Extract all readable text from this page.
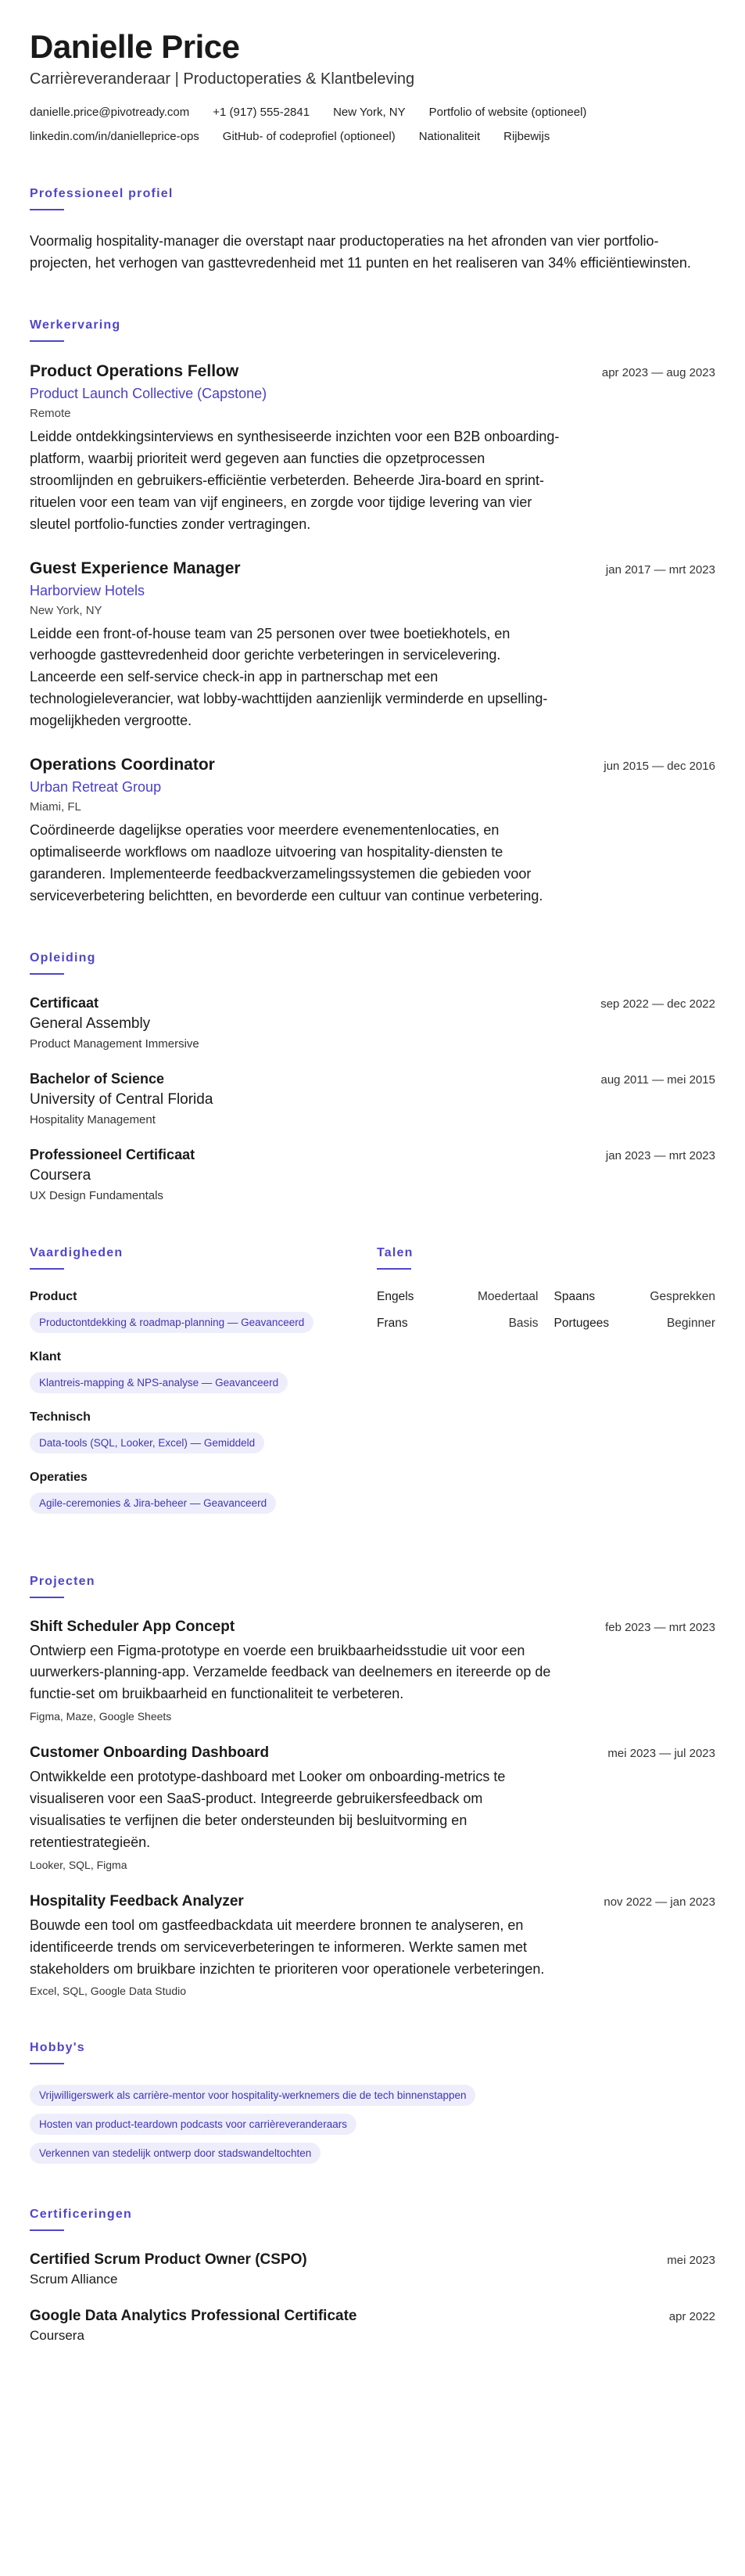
Danielle Price
Carrièreveranderaar | Productoperaties & Klantbeleving
danielle.price@pivotready.com +1 (917) 555-2841 New York, NY Portfolio of website (optioneel)
linkedin.com/in/danielleprice-ops GitHub- of codeprofiel (optioneel) Nationaliteit Rijbewijs
Professioneel profiel

Voormalig hospitality-manager die overstapt naar productoperaties na het afronden van vier portfolio-projecten, het verhogen van gasttevredenheid met 11 punten en het realiseren van 34% efficiëntiewinsten.

Werkervaring
Product Operations Fellow	apr 2023 — aug 2023
Product Launch Collective (Capstone)
Remote
Leidde ontdekkingsinterviews en synthesiseerde inzichten voor een B2B onboarding-platform, waarbij prioriteit werd gegeven aan functies die opzetprocessen stroomlijnden en gebruikers-efficiëntie verbeterden. Beheerde Jira-board en sprint-rituelen voor een team van vijf engineers, en zorgde voor tijdige levering van vier sleutel portfolio-functies zonder vertragingen.
Guest Experience Manager	jan 2017 — mrt 2023
Harborview Hotels
New York, NY
Leidde een front-of-house team van 25 personen over twee boetiekhotels, en verhoogde gasttevredenheid door gerichte verbeteringen in servicelevering. Lanceerde een self-service check-in app in partnerschap met een technologieleverancier, wat lobby-wachttijden aanzienlijk verminderde en upselling-mogelijkheden vergrootte.
Operations Coordinator	jun 2015 — dec 2016
Urban Retreat Group
Miami, FL
Coördineerde dagelijkse operaties voor meerdere evenementenlocaties, en optimaliseerde workflows om naadloze uitvoering van hospitality-diensten te garanderen. Implementeerde feedbackverzamelingssystemen die gebieden voor serviceverbetering belichtten, en bevorderde een cultuur van continue verbetering.
Opleiding
Certificaat	sep 2022 — dec 2022
General Assembly
Product Management Immersive
Bachelor of Science	aug 2011 — mei 2015
University of Central Florida
Hospitality Management
Professioneel Certificaat	jan 2023 — mrt 2023
Coursera
UX Design Fundamentals
Vaardigheden
Product
Productontdekking & roadmap-planning — Geavanceerd
Klant
Klantreis-mapping & NPS-analyse — Geavanceerd
Technisch
Data-tools (SQL, Looker, Excel) — Gemiddeld
Operaties
Agile-ceremonies & Jira-beheer — Geavanceerd
Talen
Engels	Moedertaal Spaans	Gesprekken
Frans	Basis Portugees	Beginner
Projecten
Shift Scheduler App Concept	feb 2023 — mrt 2023
Ontwierp een Figma-prototype en voerde een bruikbaarheidsstudie uit voor een uurwerkers-planning-app. Verzamelde feedback van deelnemers en itereerde op de functie-set om bruikbaarheid en functionaliteit te verbeteren.
Figma, Maze, Google Sheets
Customer Onboarding Dashboard	mei 2023 — jul 2023
Ontwikkelde een prototype-dashboard met Looker om onboarding-metrics te visualiseren voor een SaaS-product. Integreerde gebruikersfeedback om visualisaties te verfijnen die beter ondersteunden bij besluitvorming en retentiestrategieën.
Looker, SQL, Figma
Hospitality Feedback Analyzer	nov 2022 — jan 2023
Bouwde een tool om gastfeedbackdata uit meerdere bronnen te analyseren, en identificeerde trends om serviceverbeteringen te informeren. Werkte samen met stakeholders om bruikbare inzichten te prioriteren voor operationele verbeteringen.
Excel, SQL, Google Data Studio
Hobby's
Vrijwilligerswerk als carrière-mentor voor hospitality-werknemers die de tech binnenstappen
Hosten van product-teardown podcasts voor carrièreveranderaars
Verkennen van stedelijk ontwerp door stadswandeltochten
Certificeringen
Certified Scrum Product Owner (CSPO)	mei 2023
Scrum Alliance
Google Data Analytics Professional Certificate	apr 2022
Coursera
